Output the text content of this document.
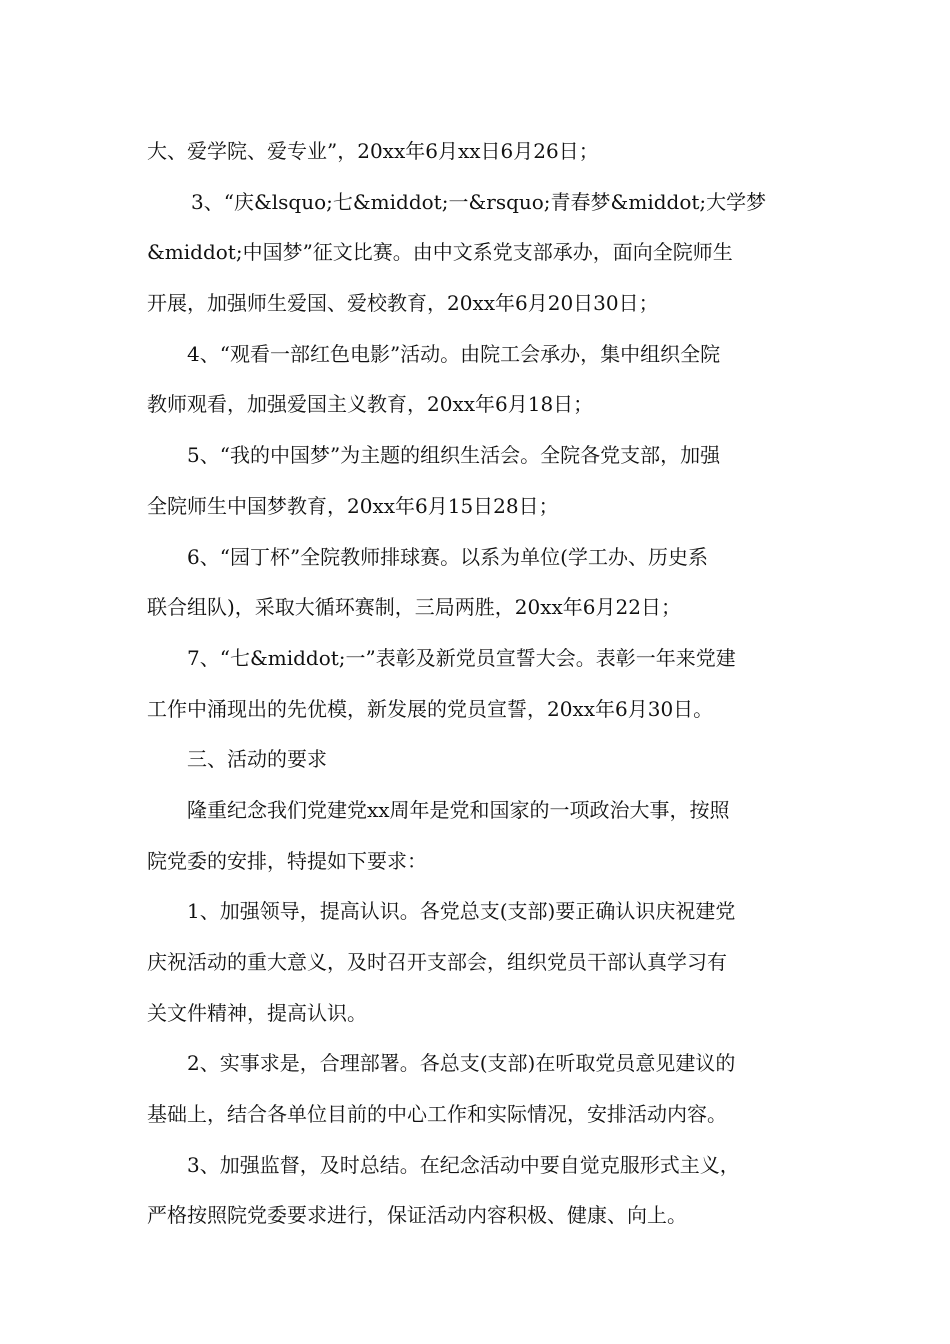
大、爱学院、爱专业”，20xx年6月xx日6月26日；
3、“庆&lsquo;七&middot;一&rsquo;青春梦&middot;大学梦
&middot;中国梦”征文比赛。由中文系党支部承办，面向全院师生
开展，加强师生爱国、爱校教育，20xx年6月20日30日；
4、“观看一部红色电影”活动。由院工会承办，集中组织全院
教师观看，加强爱国主义教育，20xx年6月18日；
5、“我的中国梦”为主题的组织生活会。全院各党支部，加强
全院师生中国梦教育，20xx年6月15日28日；
6、“园丁杯”全院教师排球赛。以系为单位(学工办、历史系
联合组队)，采取大循环赛制，三局两胜，20xx年6月22日；
7、“七&middot;一”表彰及新党员宣誓大会。表彰一年来党建
工作中涌现出的先优模，新发展的党员宣誓，20xx年6月30日。
三、活动的要求
隆重纪念我们党建党xx周年是党和国家的一项政治大事，按照
院党委的安排，特提如下要求：
1、加强领导，提高认识。各党总支(支部)要正确认识庆祝建党
庆祝活动的重大意义，及时召开支部会，组织党员干部认真学习有
关文件精神，提高认识。
2、实事求是，合理部署。各总支(支部)在听取党员意见建议的
基础上，结合各单位目前的中心工作和实际情况，安排活动内容。
3、加强监督，及时总结。在纪念活动中要自觉克服形式主义，
严格按照院党委要求进行，保证活动内容积极、健康、向上。
